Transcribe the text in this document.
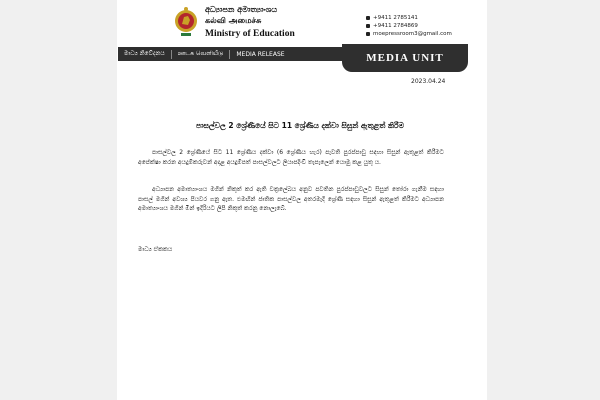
අධ්‍යාපන අමාත්‍යාංශය
கல்வி அமைச்சு
Ministry of Education
+9411 2785141
+9411 2784869
moepressroom3@gmail.com
මාධ්‍ය නිවේදනය	ஊடக வெளியீடு	MEDIA RELEASE	MEDIA UNIT
2023.04.24
පාසල්වල 2 ශ්‍රේණියේ සිට 11 ශ්‍රේණිය දක්වා සිසුන් ඇතුළත් කිරීම
පාසල්වල 2 ශ්‍රේණියේ සිට 11 ශ්‍රේණිය දක්වා (6 ශ්‍රේණිය හැර) පැවති පුරප්පාඩු සඳහා සිසුන් ඇතුළත් කිරීමට අපේක්ෂා කරන අයදුම්කරුවන් අදාළ අයදුම්පත් පාසල්වලට ලියාපදිංචි තැපැලෙන් යොමු කළ යුතු ය.
අධ්‍යාපන අමාත්‍යාංශය මගින් නිකුත් කර ඇති චක්‍රලේඛය අනුව පවතින පුරප්පාඩුවලට සිසුන් තෝරා ගැනීම සඳහා පාසල් මගින් අවශ්‍ය පියවර ගනු ඇත. එමඟින් ජාතික පාසල්වල අතරමැදි ශ්‍රේණි සඳහා සිසුන් ඇතුළත් කිරීමට අධ්‍යාපන අමාත්‍යාංශය මගින් මින් ඉදිරියට ලිපි නිකුත් කරනු නොලැබේ.
මාධ්‍ය ඒකකය
